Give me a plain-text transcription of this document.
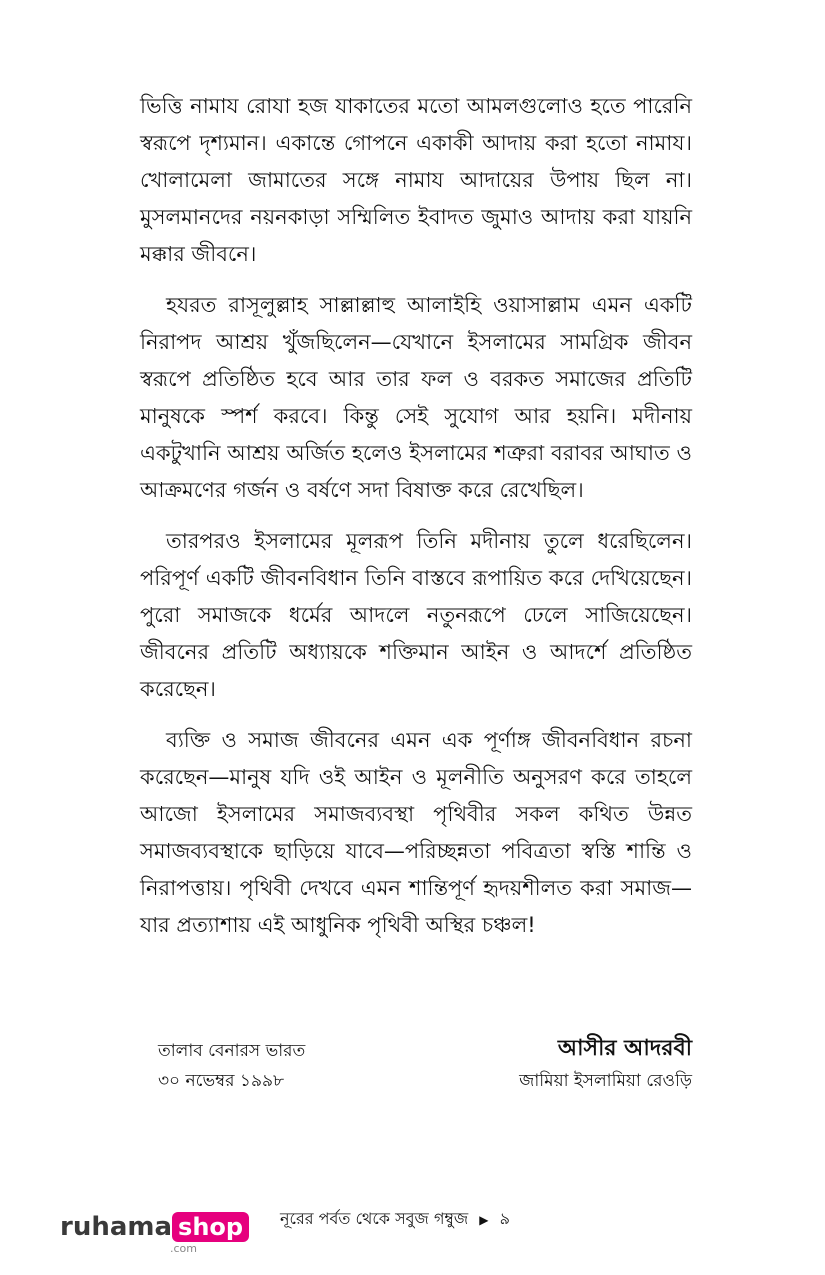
ভিত্তি নামায রোযা হজ যাকাতের মতো আমলগুলোও হতে পারেনি স্বরূপে দৃশ্যমান। একান্তে গোপনে একাকী আদায় করা হতো নামায। খোলামেলা জামাতের সঙ্গে নামায আদায়ের উপায় ছিল না। মুসলমানদের নয়নকাড়া সম্মিলিত ইবাদত জুমাও আদায় করা যায়নি মক্কার জীবনে।

হযরত রাসূলুল্লাহ সাল্লাল্লাহু আলাইহি ওয়াসাল্লাম এমন একটি নিরাপদ আশ্রয় খুঁজছিলেন—যেখানে ইসলামের সামগ্রিক জীবন স্বরূপে প্রতিষ্ঠিত হবে আর তার ফল ও বরকত সমাজের প্রতিটি মানুষকে স্পর্শ করবে। কিন্তু সেই সুযোগ আর হয়নি। মদীনায় একটুখানি আশ্রয় অর্জিত হলেও ইসলামের শত্রুরা বরাবর আঘাত ও আক্রমণের গর্জন ও বর্ষণে সদা বিষাক্ত করে রেখেছিল।

তারপরও ইসলামের মূলরূপ তিনি মদীনায় তুলে ধরেছিলেন। পরিপূর্ণ একটি জীবনবিধান তিনি বাস্তবে রূপায়িত করে দেখিয়েছেন। পুরো সমাজকে ধর্মের আদলে নতুনরূপে ঢেলে সাজিয়েছেন। জীবনের প্রতিটি অধ্যায়কে শক্তিমান আইন ও আদর্শে প্রতিষ্ঠিত করেছেন।

ব্যক্তি ও সমাজ জীবনের এমন এক পূর্ণাঙ্গ জীবনবিধান রচনা করেছেন—মানুষ যদি ওই আইন ও মূলনীতি অনুসরণ করে তাহলে আজো ইসলামের সমাজব্যবস্থা পৃথিবীর সকল কথিত উন্নত সমাজব্যবস্থাকে ছাড়িয়ে যাবে—পরিচ্ছন্নতা পবিত্রতা স্বস্তি শান্তি ও নিরাপত্তায়। পৃথিবী দেখবে এমন শান্তিপূর্ণ হৃদয়শীলত করা সমাজ—যার প্রত্যাশায় এই আধুনিক পৃথিবী অস্থির চঞ্চল!

তালাব বেনারস ভারত
৩০ নভেম্বর ১৯৯৮
আসীর আদরবী
জামিয়া ইসলামিয়া রেওড়ি
ruhama shop
.com
নূরের পর্বত থেকে সবুজ গম্বুজ ▶ ৯
